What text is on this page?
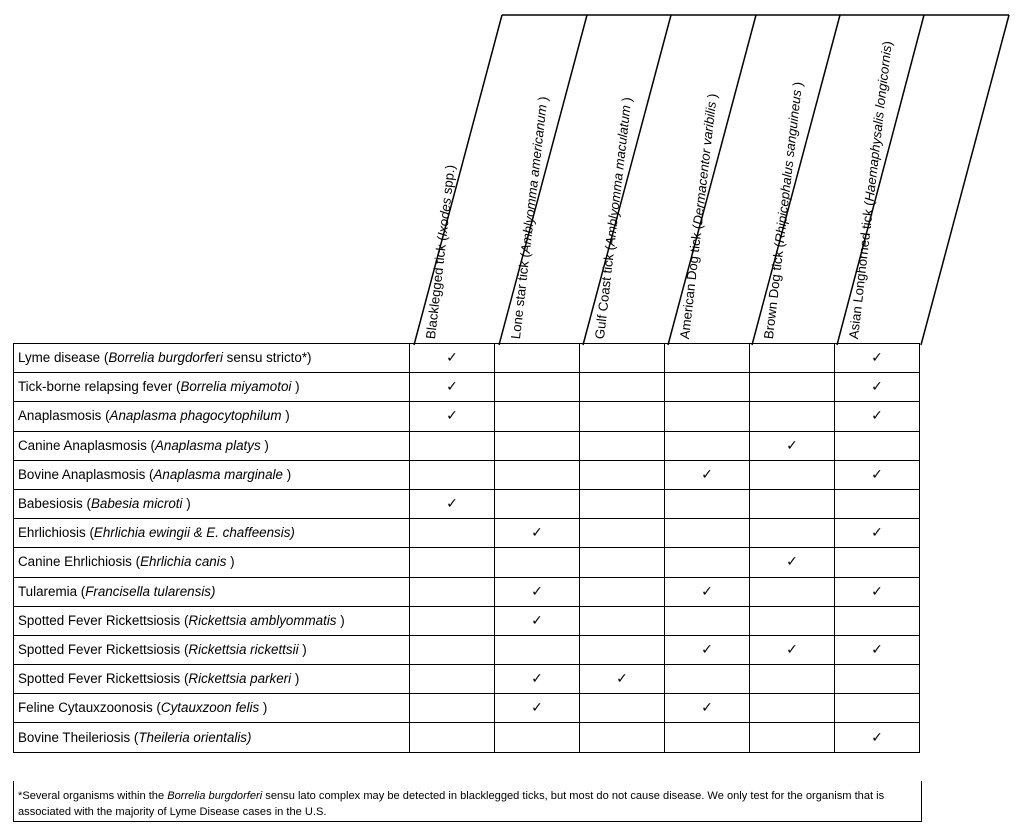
Blacklegged tick (Ixodes spp.)
Lone star tick (Amblyomma americanum )
Gulf Coast tick (Amblyomma maculatum )
American Dog tick (Dermacentor varibilis )
Brown Dog tick (Rhipicephalus sanguineus )
Asian Longhorned tick (Haemaphysalis longicornis)
Lyme disease (Borrelia burgdorferi sensu stricto*)	✓					✓
Tick-borne relapsing fever (Borrelia miyamotoi )	✓					✓
Anaplasmosis (Anaplasma phagocytophilum )	✓					✓
Canine Anaplasmosis (Anaplasma platys )					✓	
Bovine Anaplasmosis (Anaplasma marginale )				✓		✓
Babesiosis (Babesia microti )	✓					
Ehrlichiosis (Ehrlichia ewingii & E. chaffeensis)		✓				✓
Canine Ehrlichiosis (Ehrlichia canis )					✓	
Tularemia (Francisella tularensis)		✓		✓		✓
Spotted Fever Rickettsiosis (Rickettsia amblyommatis )		✓				
Spotted Fever Rickettsiosis (Rickettsia rickettsii )				✓	✓	✓
Spotted Fever Rickettsiosis (Rickettsia parkeri )		✓	✓			
Feline Cytauxzoonosis (Cytauxzoon felis )		✓		✓		
Bovine Theileriosis (Theileria orientalis)						✓
*Several organisms within the Borrelia burgdorferi sensu lato complex may be detected in blacklegged ticks, but most do not cause disease. We only test for the organism that is associated with the majority of Lyme Disease cases in the U.S.
